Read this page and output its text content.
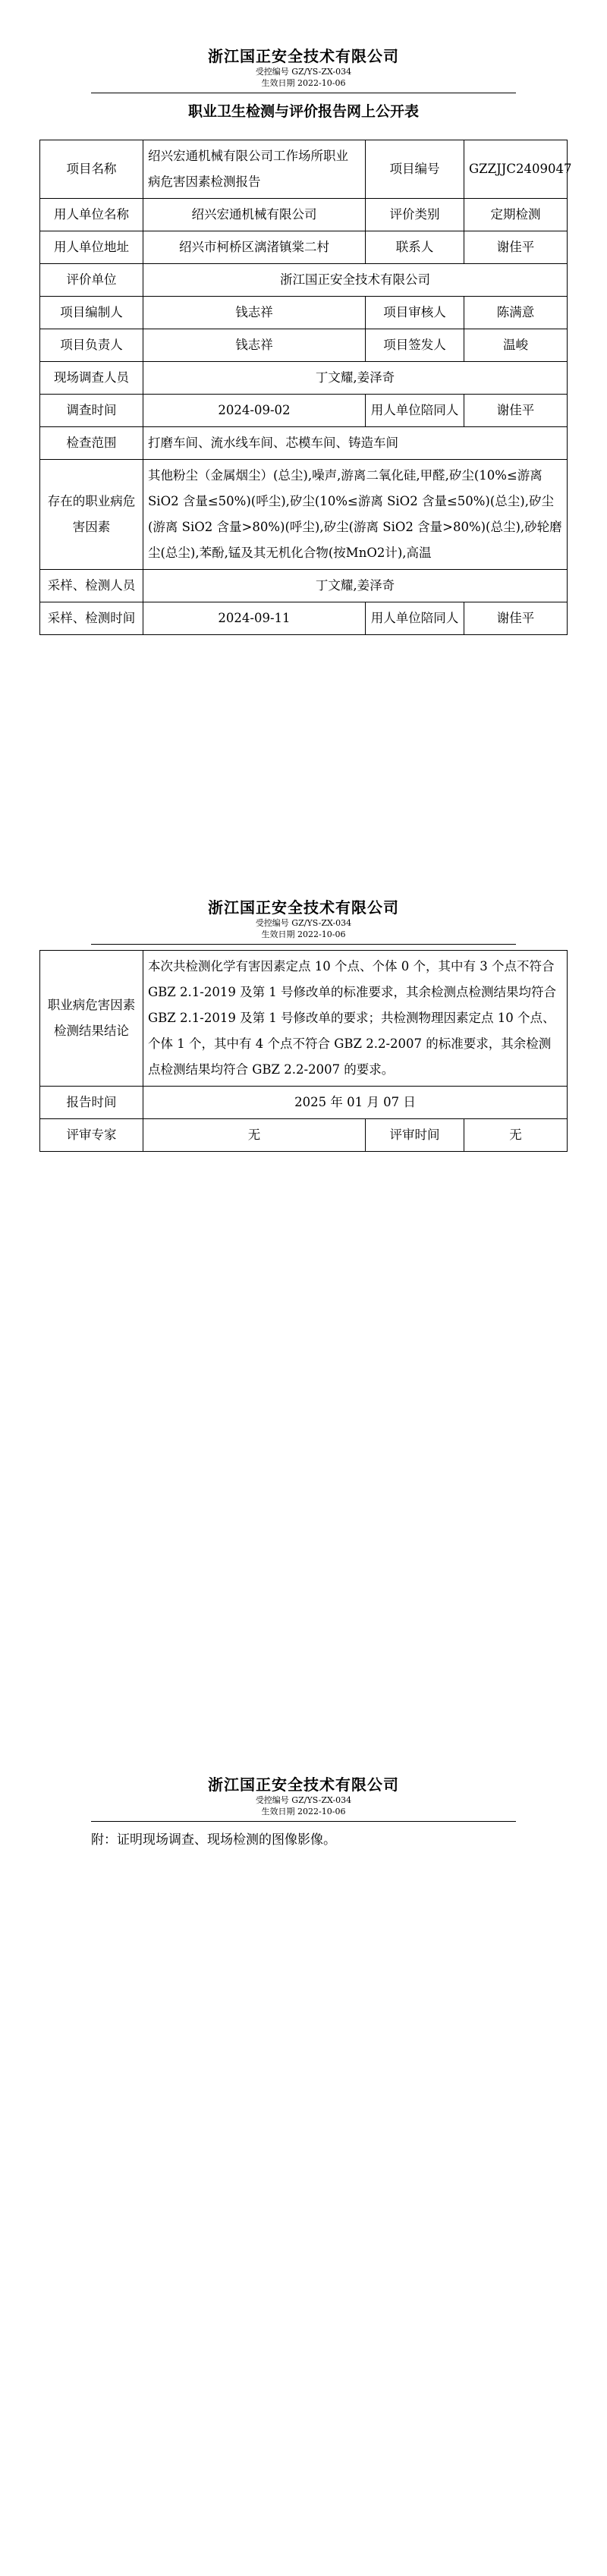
浙江国正安全技术有限公司
受控编号 GZ/YS-ZX-034
生效日期 2022-10-06
职业卫生检测与评价报告网上公开表
项目名称	绍兴宏通机械有限公司工作场所职业病危害因素检测报告	项目编号	GZZJJC2409047
用人单位名称	绍兴宏通机械有限公司	评价类别	定期检测
用人单位地址	绍兴市柯桥区漓渚镇棠二村	联系人	谢佳平
评价单位	浙江国正安全技术有限公司		
项目编制人	钱志祥	项目审核人	陈满意
项目负责人	钱志祥	项目签发人	温峻
现场调查人员	丁文耀,姜泽奇		
调查时间	2024-09-02	用人单位陪同人	谢佳平
检查范围	打磨车间、流水线车间、芯模车间、铸造车间		
存在的职业病危害因素	其他粉尘（金属烟尘）(总尘),噪声,游离二氧化硅,甲醛,矽尘(10%≤游离 SiO2 含量≤50%)(呼尘),矽尘(10%≤游离 SiO2 含量≤50%)(总尘),矽尘(游离 SiO2 含量>80%)(呼尘),矽尘(游离 SiO2 含量>80%)(总尘),砂轮磨尘(总尘),苯酚,锰及其无机化合物(按MnO2计),高温		
采样、检测人员	丁文耀,姜泽奇		
采样、检测时间	2024-09-11	用人单位陪同人	谢佳平
浙江国正安全技术有限公司
受控编号 GZ/YS-ZX-034
生效日期 2022-10-06
职业病危害因素检测结果结论	本次共检测化学有害因素定点 10 个点、个体 0 个，其中有 3 个点不符合 GBZ 2.1-2019 及第 1 号修改单的标准要求，其余检测点检测结果均符合 GBZ 2.1-2019 及第 1 号修改单的要求；共检测物理因素定点 10 个点、个体 1 个，其中有 4 个点不符合 GBZ 2.2-2007 的标准要求，其余检测点检测结果均符合 GBZ 2.2-2007 的要求。		
报告时间	2025 年 01 月 07 日		
评审专家	无	评审时间	无
浙江国正安全技术有限公司
受控编号 GZ/YS-ZX-034
生效日期 2022-10-06
附：证明现场调查、现场检测的图像影像。
